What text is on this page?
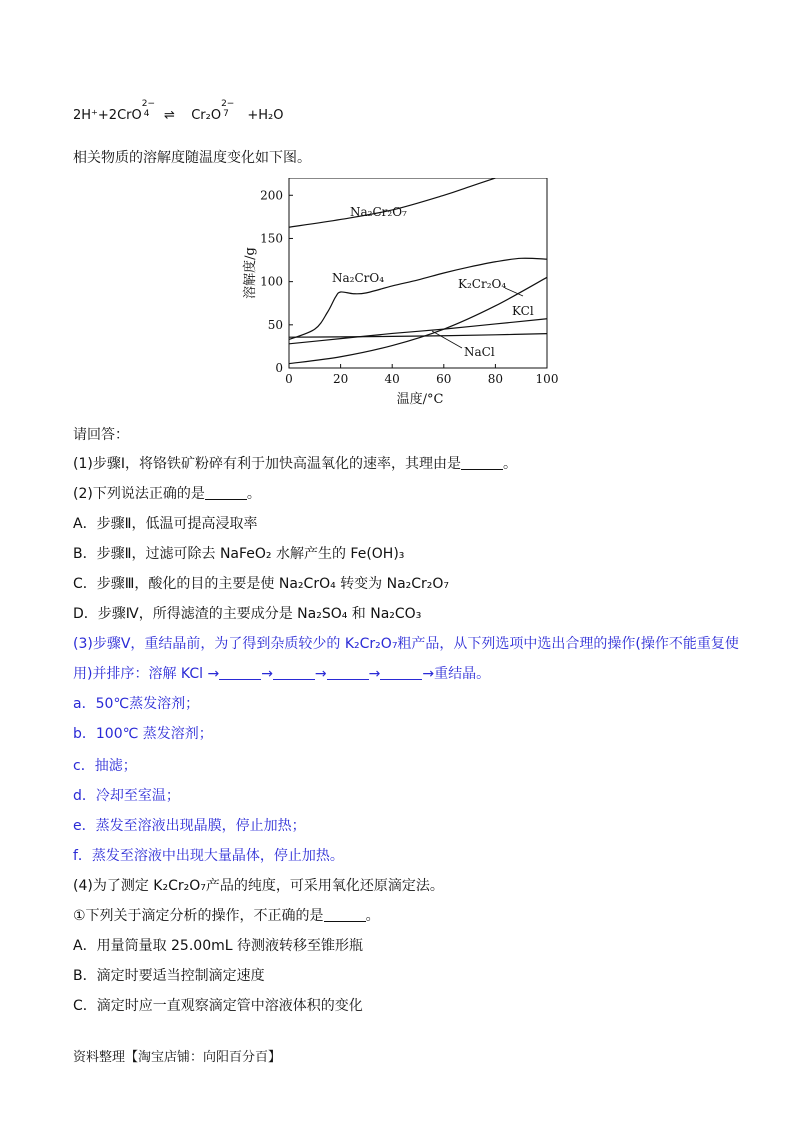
2H⁺+2CrO
2−
4 ⇌ Cr₂O
2−
7 +H₂O
相关物质的溶解度随温度变化如下图。
0	20	40	60	80	100
0
50
100
150
200
溶解度/g
温度/°C
Na₂Cr₂O₇
Na₂CrO₄	K₂Cr₂O₄
KCl
NaCl
请回答：
(1)步骤Ⅰ，将铬铁矿粉碎有利于加快高温氧化的速率，其理由是	。
(2)下列说法正确的是	。
A．步骤Ⅱ，低温可提高浸取率
B．步骤Ⅱ，过滤可除去 NaFeO₂ 水解产生的 Fe(OH)₃
C．步骤Ⅲ，酸化的目的主要是使 Na₂CrO₄ 转变为 Na₂Cr₂O₇
D．步骤Ⅳ，所得滤渣的主要成分是 Na₂SO₄ 和 Na₂CO₃
(3)步骤Ⅴ，重结晶前，为了得到杂质较少的 K₂Cr₂O₇粗产品，从下列选项中选出合理的操作(操作不能重复使
用)并排序：溶解 KCl →	→	→	→	→重结晶。
a．50℃蒸发溶剂；
b．100℃ 蒸发溶剂；
c．抽滤；
d．冷却至室温；
e．蒸发至溶液出现晶膜，停止加热；
f．蒸发至溶液中出现大量晶体，停止加热。
(4)为了测定 K₂Cr₂O₇产品的纯度，可采用氧化还原滴定法。
①下列关于滴定分析的操作，不正确的是	。
A．用量筒量取 25.00mL 待测液转移至锥形瓶
B．滴定时要适当控制滴定速度
C．滴定时应一直观察滴定管中溶液体积的变化
资料整理【淘宝店铺：向阳百分百】
